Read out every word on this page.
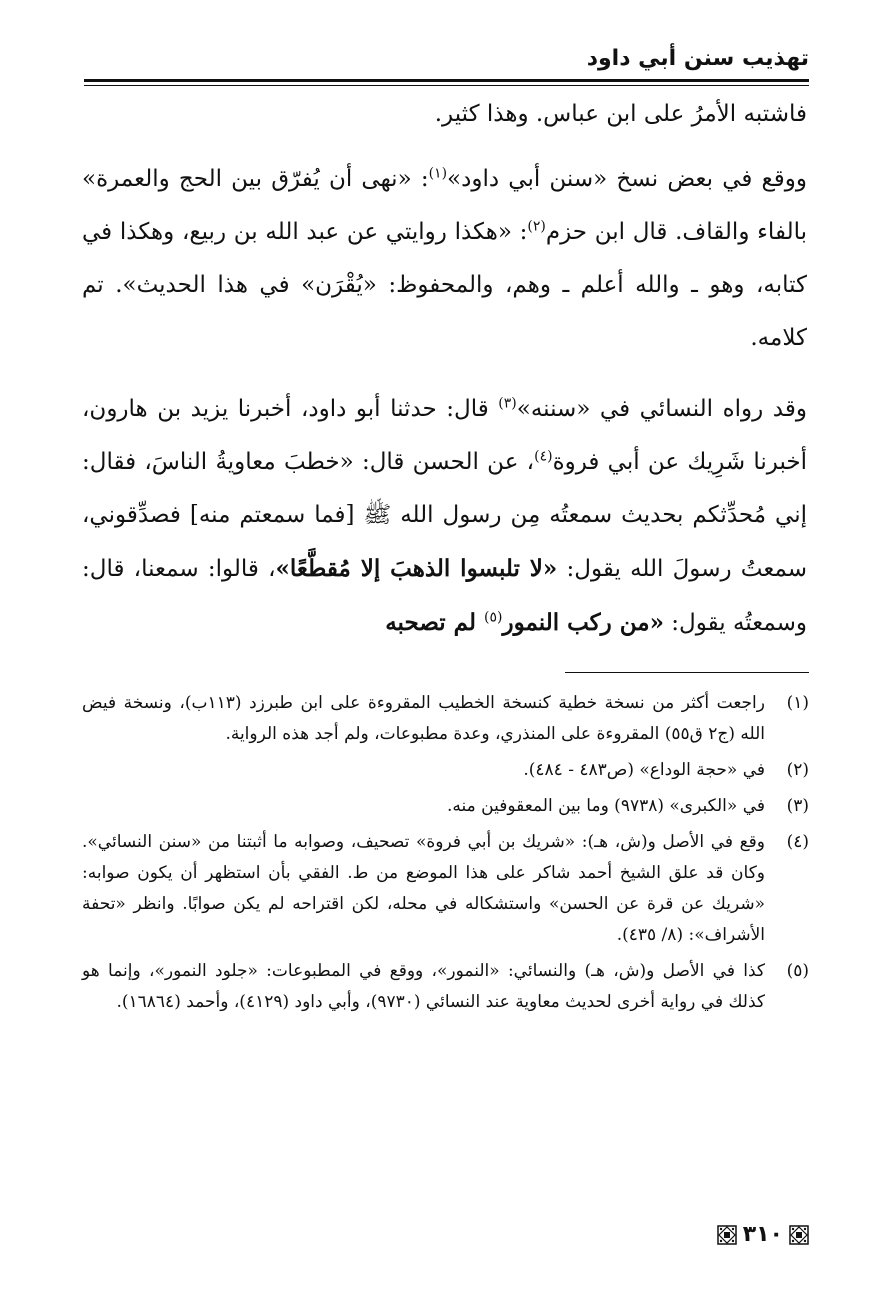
تهذيب سنن أبي داود

فاشتبه الأمرُ على ابن عباس. وهذا كثير.

ووقع في بعض نسخ «سنن أبي داود»$^{(١)}$: «نهى أن يُفرّق بين الحج والعمرة» بالفاء والقاف. قال ابن حزم$^{(٢)}$: «هكذا روايتي عن عبد الله بن ربيع، وهكذا في كتابه، وهو ـ والله أعلم ـ وهم، والمحفوظ: «يُقْرَن» في هذا الحديث». تم كلامه.

وقد رواه النسائي في «سننه»$^{(٣)}$ قال: حدثنا أبو داود، أخبرنا يزيد بن هارون، أخبرنا شَرِيك عن أبي فروة$^{(٤)}$، عن الحسن قال: «خطبَ معاويةُ الناسَ، فقال: إني مُحدِّثكم بحديث سمعتُه مِن رسول الله ﷺ [فما سمعتم منه] فصدِّقوني، سمعتُ رسولَ الله يقول: «لا تلبسوا الذهبَ إلا مُقطَّعًا»، قالوا: سمعنا، قال: وسمعتُه يقول: «من ركب النمور$^{(٥)}$ لم تصحبه

(١)
راجعت أكثر من نسخة خطية كنسخة الخطيب المقروءة على ابن طبرزد (١١٣ب)، ونسخة فيض الله (ج٢ ق٥٥) المقروءة على المنذري، وعدة مطبوعات، ولم أجد هذه الرواية.
(٢)
في «حجة الوداع» (ص٤٨٣ - ٤٨٤).
(٣)
في «الكبرى» (٩٧٣٨) وما بين المعقوفين منه.
(٤)
وقع في الأصل و(ش، هـ): «شريك بن أبي فروة» تصحيف، وصوابه ما أثبتنا من «سنن النسائي». وكان قد علق الشيخ أحمد شاكر على هذا الموضع من ط. الفقي بأن استظهر أن يكون صوابه: «شريك عن قرة عن الحسن» واستشكاله في محله، لكن اقتراحه لم يكن صوابًا. وانظر «تحفة الأشراف»: (٨/ ٤٣٥).
(٥)
كذا في الأصل و(ش، هـ) والنسائي: «النمور»، ووقع في المطبوعات: «جلود النمور»، وإنما هو كذلك في رواية أخرى لحديث معاوية عند النسائي (٩٧٣٠)، وأبي داود (٤١٢٩)، وأحمد (١٦٨٦٤).
٣١٠
